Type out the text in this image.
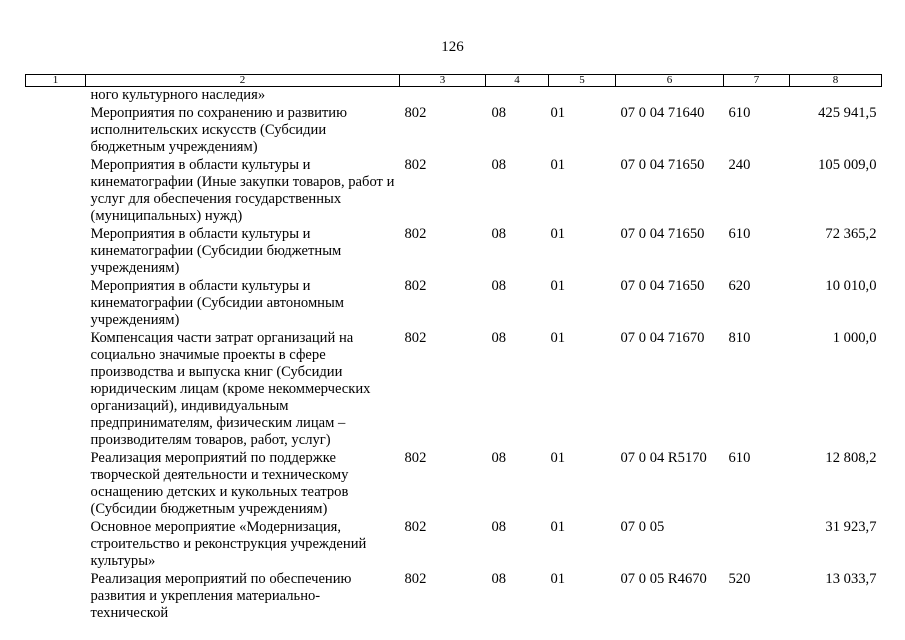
126
1	2	3	4	5	6	7	8
	ного культурного наследия»						
	Мероприятия по сохранению и развитию исполнительских искусств (Субсидии бюджетным учреждениям)	802	08	01	07 0 04 71640	610	425 941,5
	Мероприятия в области культуры и кинематографии (Иные закупки товаров, работ и услуг для обеспечения государственных (муниципальных) нужд)	802	08	01	07 0 04 71650	240	105 009,0
	Мероприятия в области культуры и кинематографии (Субсидии бюджетным учреждениям)	802	08	01	07 0 04 71650	610	72 365,2
	Мероприятия в области культуры и кинематографии (Субсидии автономным учреждениям)	802	08	01	07 0 04 71650	620	10 010,0
	Компенсация части затрат организаций на социально значимые проекты в сфере производства и выпуска книг (Субсидии юридическим лицам (кроме некоммерческих организаций), индивидуальным предпринимателям, физическим лицам – производителям товаров, работ, услуг)	802	08	01	07 0 04 71670	810	1 000,0
	Реализация мероприятий по поддержке творческой деятельности и техническому оснащению детских и кукольных театров (Субсидии бюджетным учреждениям)	802	08	01	07 0 04 R5170	610	12 808,2
	Основное мероприятие «Модернизация, строительство и реконструкция учреждений культуры»	802	08	01	07 0 05		31 923,7
	Реализация мероприятий по обеспечению развития и укрепления материально-технической	802	08	01	07 0 05 R4670	520	13 033,7
